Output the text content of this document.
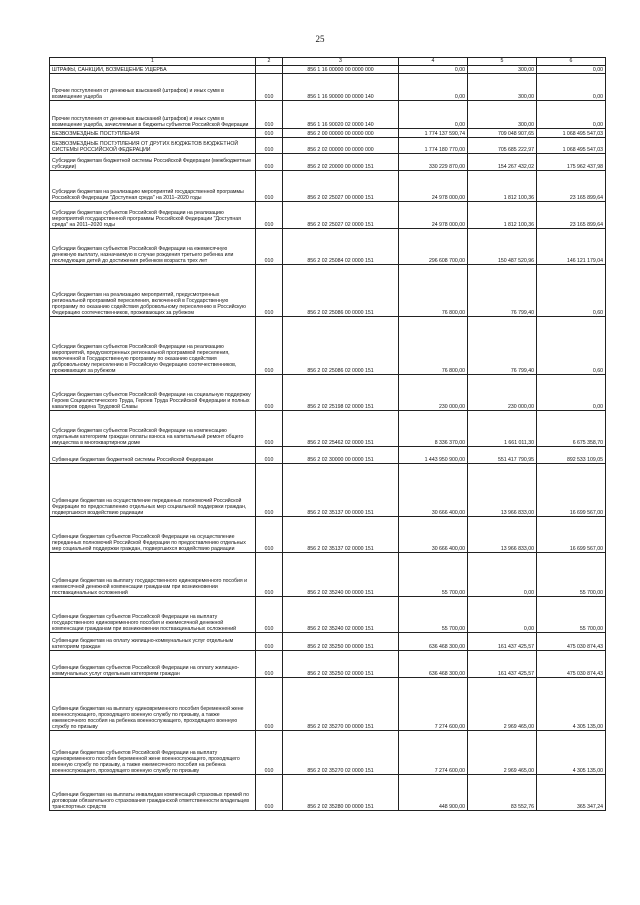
25
1	2	3	4	5	6
ШТРАФЫ, САНКЦИИ, ВОЗМЕЩЕНИЕ УЩЕРБА		856 1 16 00000 00 0000 000	0,00	300,00	0,00
Прочие поступления от денежных взысканий (штрафов) и иных сумм в возмещение ущерба	010	856 1 16 90000 00 0000 140	0,00	300,00	0,00
Прочие поступления от денежных взысканий (штрафов) и иных сумм в возмещение ущерба, зачисляемые в бюджеты субъектов Российской Федерации	010	856 1 16 90020 02 0000 140	0,00	300,00	0,00
БЕЗВОЗМЕЗДНЫЕ ПОСТУПЛЕНИЯ	010	856 2 00 00000 00 0000 000	1 774 137 590,74	709 048 907,65	1 068 495 547,03
БЕЗВОЗМЕЗДНЫЕ ПОСТУПЛЕНИЯ ОТ ДРУГИХ БЮДЖЕТОВ БЮДЖЕТНОЙ СИСТЕМЫ РОССИЙСКОЙ ФЕДЕРАЦИИ	010	856 2 02 00000 00 0000 000	1 774 180 770,00	705 685 222,97	1 068 495 547,03
Субсидии бюджетам бюджетной системы Российской Федерации (межбюджетные субсидии)	010	856 2 02 20000 00 0000 151	330 229 870,00	154 267 432,02	175 962 437,98
Субсидии бюджетам на реализацию мероприятий государственной программы Российской Федерации "Доступная среда" на 2011–2020 годы	010	856 2 02 25027 00 0000 151	24 978 000,00	1 812 100,36	23 165 899,64
Субсидии бюджетам субъектов Российской Федерации на реализацию мероприятий государственной программы Российской Федерации "Доступная среда" на 2011–2020 годы	010	856 2 02 25027 02 0000 151	24 978 000,00	1 812 100,36	23 165 899,64
Субсидии бюджетам субъектов Российской Федерации на ежемесячную денежную выплату, назначаемую в случае рождения третьего ребенка или последующих детей до достижения ребенком возраста трех лет	010	856 2 02 25084 02 0000 151	296 608 700,00	150 487 520,96	146 121 179,04
Субсидии бюджетам на реализацию мероприятий, предусмотренных региональной программой переселения, включенной в Государственную программу по оказанию содействия добровольному переселению в Российскую Федерацию соотечественников, проживающих за рубежом	010	856 2 02 25086 00 0000 151	76 800,00	76 799,40	0,60
Субсидии бюджетам субъектов Российской Федерации на реализацию мероприятий, предусмотренных региональной программой переселения, включенной в Государственную программу по оказанию содействия добровольному переселению в Российскую Федерацию соотечественников, проживающих за рубежом	010	856 2 02 25086 02 0000 151	76 800,00	76 799,40	0,60
Субсидии бюджетам субъектов Российской Федерации на социальную поддержку Героев Социалистического Труда, Героев Труда Российской Федерации и полных кавалеров ордена Трудовой Славы	010	856 2 02 25198 02 0000 151	230 000,00	230 000,00	0,00
Субсидии бюджетам субъектов Российской Федерации на компенсацию отдельным категориям граждан оплаты взноса на капитальный ремонт общего имущества в многоквартирном доме	010	856 2 02 25462 02 0000 151	8 336 370,00	1 661 011,30	6 675 358,70
Субвенции бюджетам бюджетной системы Российской Федерации	010	856 2 02 30000 00 0000 151	1 443 950 900,00	551 417 790,95	892 533 109,05
Субвенции бюджетам на осуществление переданных полномочий Российской Федерации по предоставлению отдельных мер социальной поддержки граждан, подвергшихся воздействию радиации	010	856 2 02 35137 00 0000 151	30 666 400,00	13 966 833,00	16 699 567,00
Субвенции бюджетам субъектов Российской Федерации на осуществление переданных полномочий Российской Федерации по предоставлению отдельных мер социальной поддержки граждан, подвергшихся воздействию радиации	010	856 2 02 35137 02 0000 151	30 666 400,00	13 966 833,00	16 699 567,00
Субвенции бюджетам на выплату государственного единовременного пособия и ежемесячной денежной компенсации гражданам при возникновении поствакцинальных осложнений	010	856 2 02 35240 00 0000 151	55 700,00	0,00	55 700,00
Субвенции бюджетам субъектов Российской Федерации на выплату государственного единовременного пособия и ежемесячной денежной компенсации гражданам при возникновении поствакцинальных осложнений	010	856 2 02 35240 02 0000 151	55 700,00	0,00	55 700,00
Субвенции бюджетам на оплату жилищно-коммунальных услуг отдельным категориям граждан	010	856 2 02 35250 00 0000 151	636 468 300,00	161 437 425,57	475 030 874,43
Субвенции бюджетам субъектов Российской Федерации на оплату жилищно-коммунальных услуг отдельным категориям граждан	010	856 2 02 35250 02 0000 151	636 468 300,00	161 437 425,57	475 030 874,43
Субвенции бюджетам на выплату единовременного пособия беременной жене военнослужащего, проходящего военную службу по призыву, а также ежемесячного пособия на ребенка военнослужащего, проходящего военную службу по призыву	010	856 2 02 35270 00 0000 151	7 274 600,00	2 969 465,00	4 305 135,00
Субвенции бюджетам субъектов Российской Федерации на выплату единовременного пособия беременной жене военнослужащего, проходящего военную службу по призыву, а также ежемесячного пособия на ребенка военнослужащего, проходящего военную службу по призыву	010	856 2 02 35270 02 0000 151	7 274 600,00	2 969 465,00	4 305 135,00
Субвенции бюджетам на выплаты инвалидам компенсаций страховых премий по договорам обязательного страхования гражданской ответственности владельцев транспортных средств	010	856 2 02 35280 00 0000 151	448 900,00	83 552,76	365 347,24
